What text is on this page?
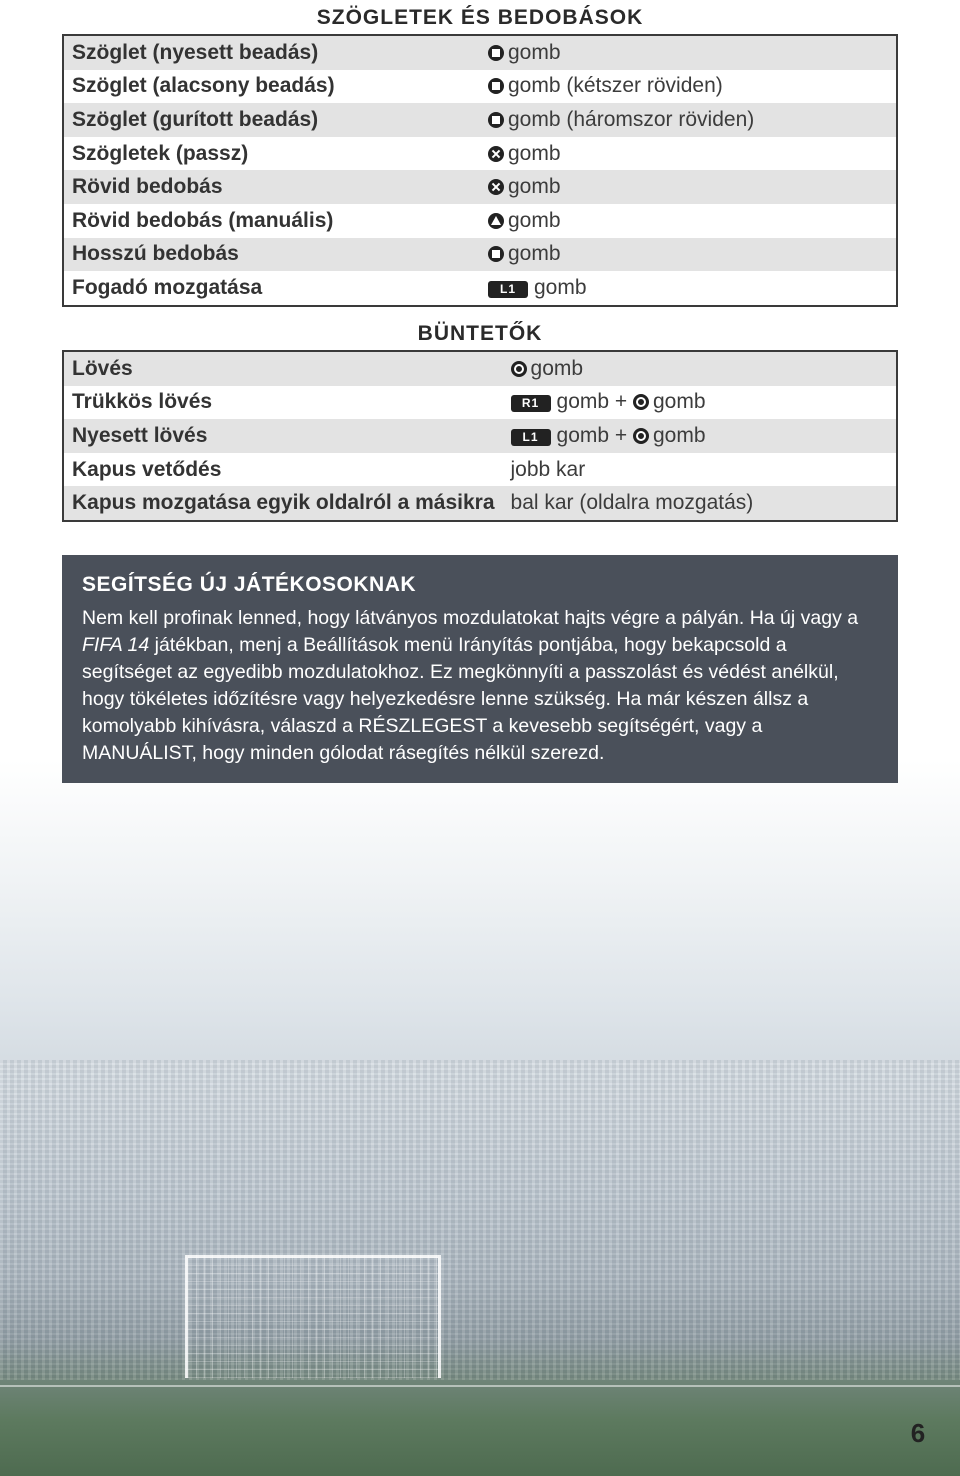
SZÖGLETEK ÉS BEDOBÁSOK
Szöglet (nyesett beadás)	gomb
Szöglet (alacsony beadás)	gomb (kétszer röviden)
Szöglet (gurított beadás)	gomb (háromszor röviden)
Szögletek (passz)	gomb
Rövid bedobás	gomb
Rövid bedobás (manuális)	gomb
Hosszú bedobás	gomb
Fogadó mozgatása	L1 gomb
BÜNTETŐK
Lövés	gomb
Trükkös lövés	R1 gomb + gomb
Nyesett lövés	L1 gomb + gomb
Kapus vetődés	jobb kar
Kapus mozgatása egyik oldalról a másikra	bal kar (oldalra mozgatás)
SEGÍTSÉG ÚJ JÁTÉKOSOKNAK

Nem kell profinak lenned, hogy látványos mozdulatokat hajts végre a pályán. Ha új vagy a FIFA 14 játékban, menj a Beállítások menü Irányítás pontjába, hogy bekapcsold a segítséget az egyedibb mozdulatokhoz. Ez megkönnyíti a passzolást és védést anélkül, hogy tökéletes időzítésre vagy helyezkedésre lenne szükség. Ha már készen állsz a komolyabb kihívásra, válaszd a RÉSZLEGEST a kevesebb segítségért, vagy a MANUÁLIST, hogy minden gólodat rásegítés nélkül szerezd.

6
